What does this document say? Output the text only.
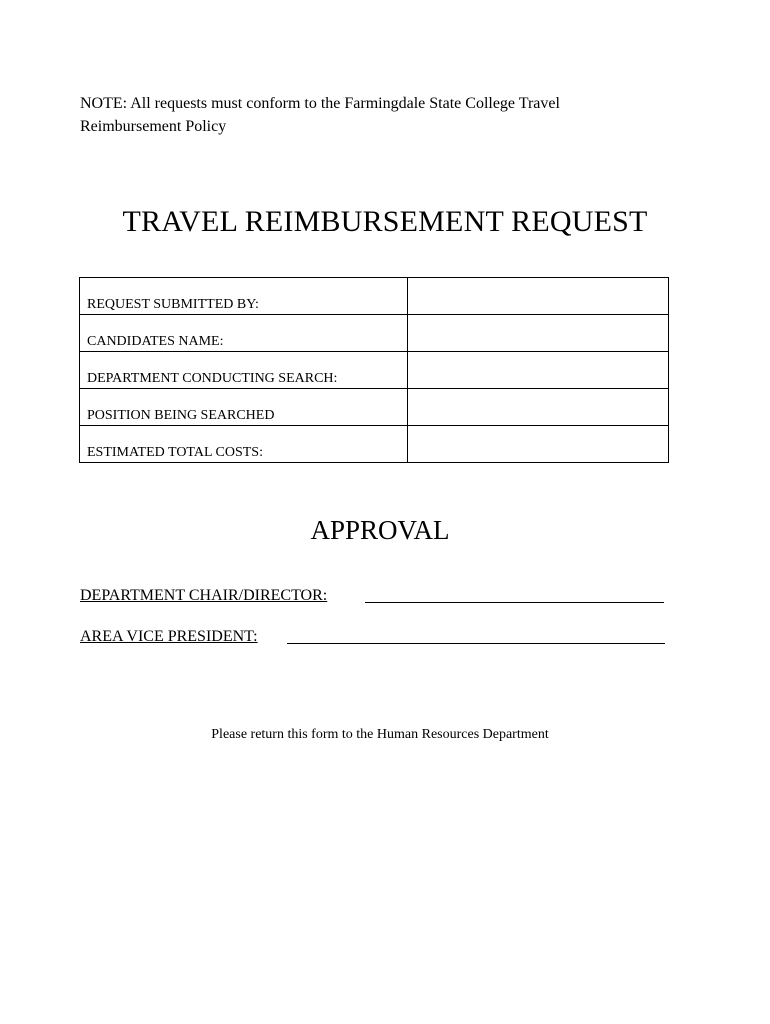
NOTE: All requests must conform to the Farmingdale State College Travel
Reimbursement Policy
TRAVEL REIMBURSEMENT REQUEST
REQUEST SUBMITTED BY:	
CANDIDATES NAME:	
DEPARTMENT CONDUCTING SEARCH:	
POSITION BEING SEARCHED	
ESTIMATED TOTAL COSTS:	
APPROVAL
DEPARTMENT CHAIR/DIRECTOR:
AREA VICE PRESIDENT:
Please return this form to the Human Resources Department
